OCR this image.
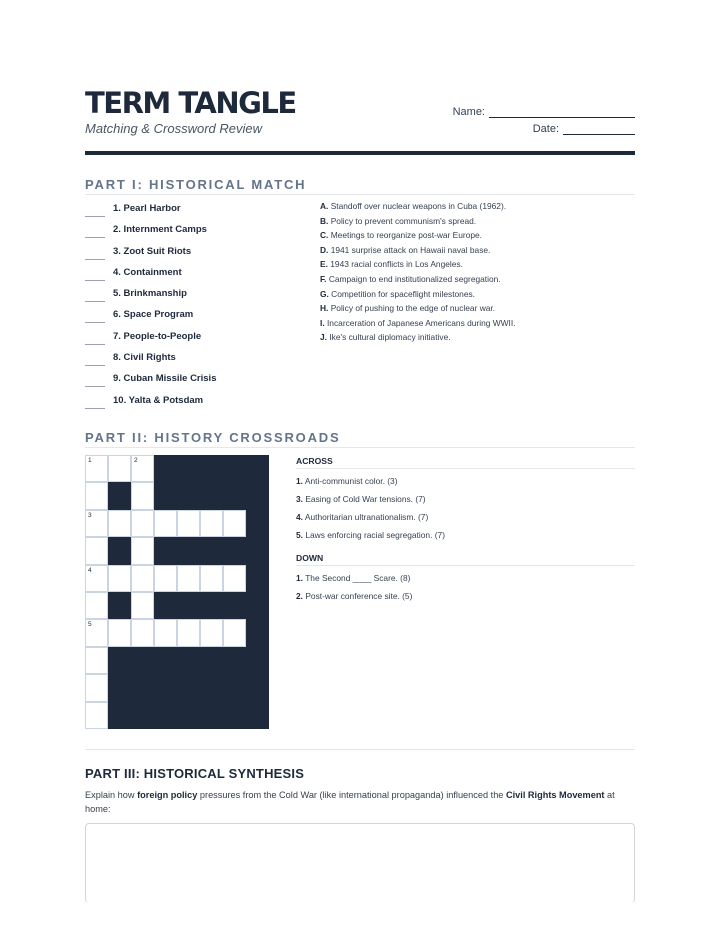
TERM TANGLE
Matching & Crossword Review
Name:
Date:
PART I: HISTORICAL MATCH
1. Pearl Harbor
2. Internment Camps
3. Zoot Suit Riots
4. Containment
5. Brinkmanship
6. Space Program
7. People-to-People
8. Civil Rights
9. Cuban Missile Crisis
10. Yalta & Potsdam
A. Standoff over nuclear weapons in Cuba (1962).
B. Policy to prevent communism's spread.
C. Meetings to reorganize post-war Europe.
D. 1941 surprise attack on Hawaii naval base.
E. 1943 racial conflicts in Los Angeles.
F. Campaign to end institutionalized segregation.
G. Competition for spaceflight milestones.
H. Policy of pushing to the edge of nuclear war.
I. Incarceration of Japanese Americans during WWII.
J. Ike's cultural diplomacy initiative.
PART II: HISTORY CROSSROADS
1	2
3
4
5
ACROSS
1. Anti-communist color. (3)
3. Easing of Cold War tensions. (7)
4. Authoritarian ultranationalism. (7)
5. Laws enforcing racial segregation. (7)
DOWN
1. The Second ____ Scare. (8)
2. Post-war conference site. (5)
PART III: HISTORICAL SYNTHESIS
Explain how foreign policy pressures from the Cold War (like international propaganda) influenced the Civil Rights Movement at home:
